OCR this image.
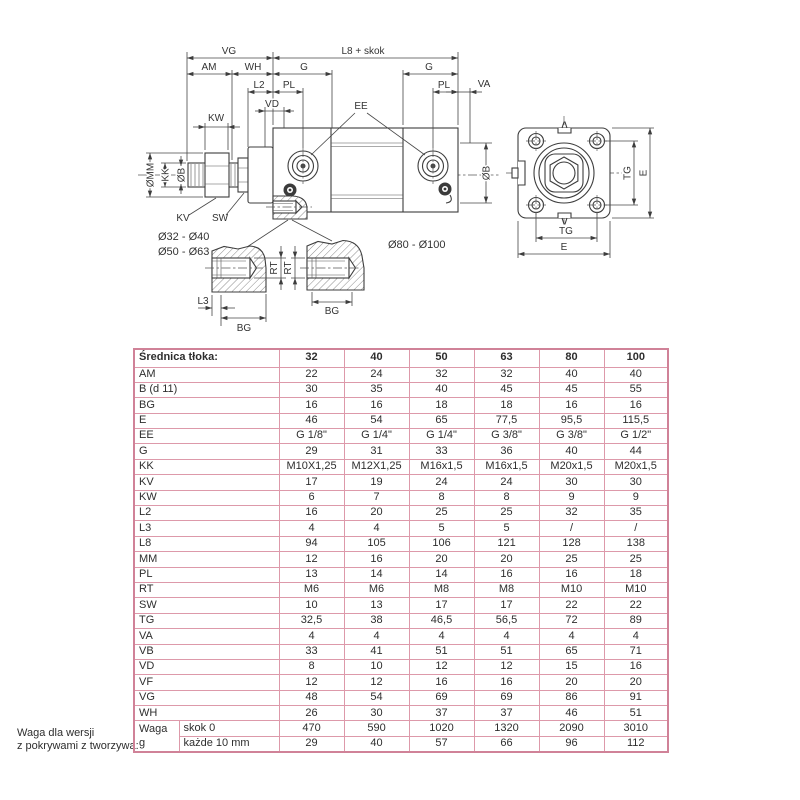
VG	L8 + skok
AM	WH	G	G
L2 PL	PL	VA
VD
KW
EE
ØMM KK ØB	ØB
KV SW
Ø32 - Ø40
Ø50 - Ø63
Ø80 - Ø100
RT
L3
BG
RT
BG
TG
E
TG E
Waga dla wersji
z pokrywami z tworzywa:
Średnica tłoka:		32	40	50	63	80	100
AM		22	24	32	32	40	40
B (d 11)		30	35	40	45	45	55
BG		16	16	18	18	16	16
E		46	54	65	77,5	95,5	115,5
EE		G 1/8"	G 1/4"	G 1/4"	G 3/8"	G 3/8"	G 1/2"
G		29	31	33	36	40	44
KK		M10X1,25	M12X1,25	M16x1,5	M16x1,5	M20x1,5	M20x1,5
KV		17	19	24	24	30	30
KW		6	7	8	8	9	9
L2		16	20	25	25	32	35
L3		4	4	5	5	/	/
L8		94	105	106	121	128	138
MM		12	16	20	20	25	25
PL		13	14	14	16	16	18
RT		M6	M6	M8	M8	M10	M10
SW		10	13	17	17	22	22
TG		32,5	38	46,5	56,5	72	89
VA		4	4	4	4	4	4
VB		33	41	51	51	65	71
VD		8	10	12	12	15	16
VF		12	12	16	16	20	20
VG		48	54	69	69	86	91
WH		26	30	37	37	46	51

Waga
g	skok 0	470	590	1020	1320	2090	3010
	każde 10 mm	29	40	57	66	96	112
